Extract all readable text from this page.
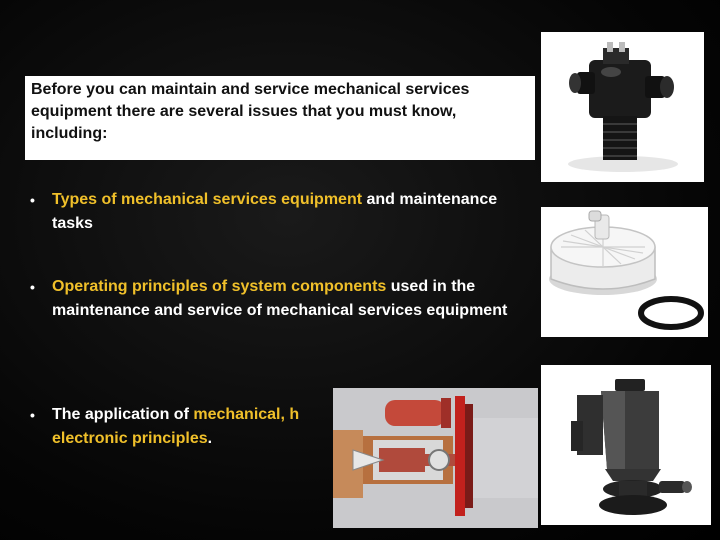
Before you can maintain and service mechanical services equipment there are several issues that you must know, including:
•	Types of mechanical services equipment and maintenance tasks
•	Operating principles of system components used in the maintenance and service of mechanical services equipment
•	The application of mechanical, h
electronic principles.
